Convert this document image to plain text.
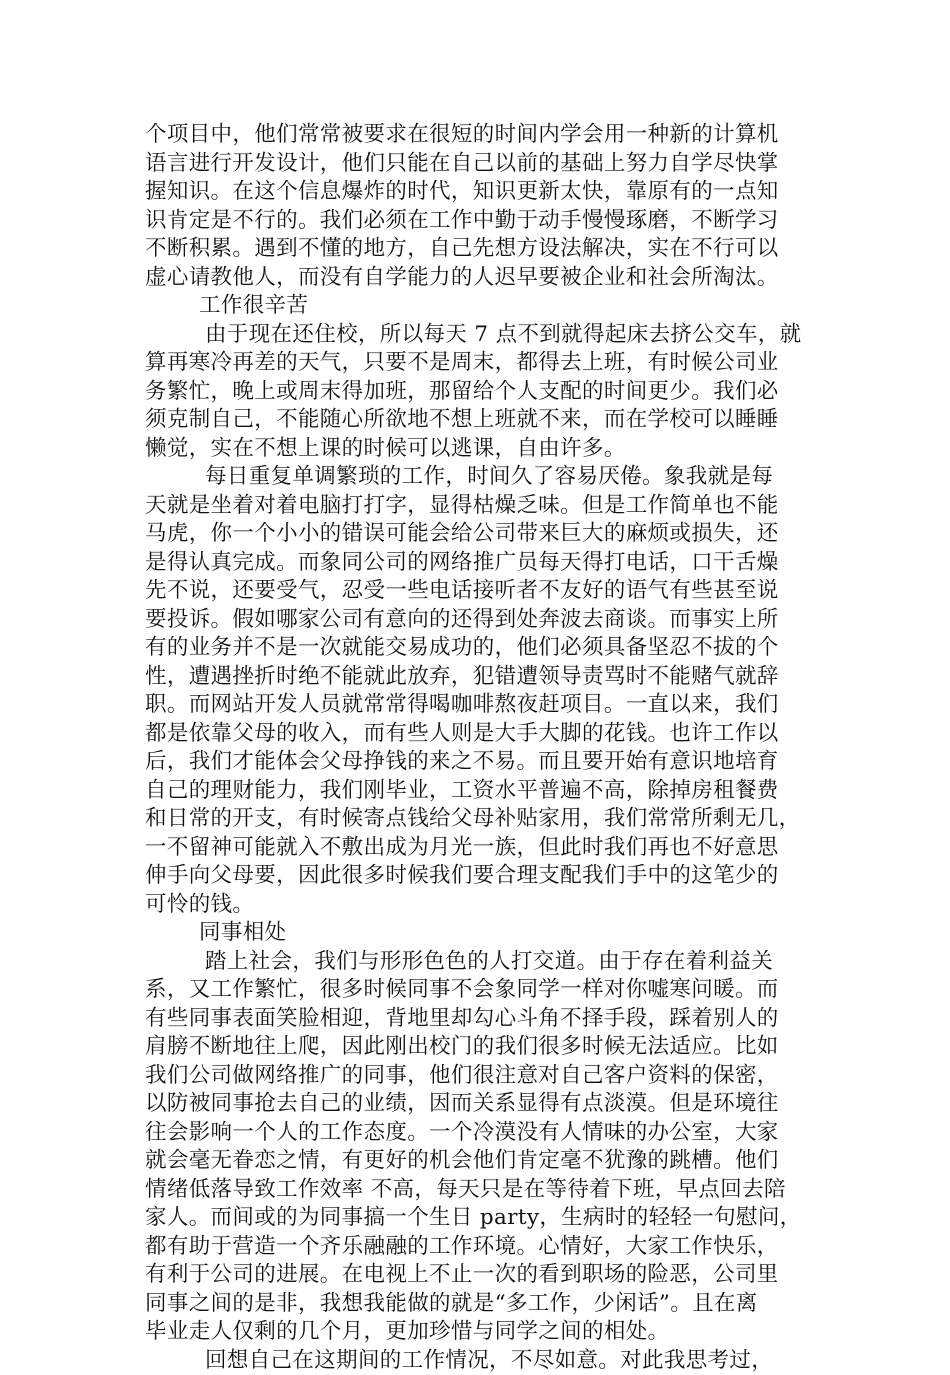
个项目中，他们常常被要求在很短的时间内学会用一种新的计算机
语言进行开发设计，他们只能在自己以前的基础上努力自学尽快掌
握知识。在这个信息爆炸的时代，知识更新太快，靠原有的一点知
识肯定是不行的。我们必须在工作中勤于动手慢慢琢磨，不断学习
不断积累。遇到不懂的地方，自己先想方设法解决，实在不行可以
虚心请教他人，而没有自学能力的人迟早要被企业和社会所淘汰。
工作很辛苦
由于现在还住校，所以每天 7 点不到就得起床去挤公交车，就
算再寒冷再差的天气，只要不是周末，都得去上班，有时候公司业
务繁忙，晚上或周末得加班，那留给个人支配的时间更少。我们必
须克制自己，不能随心所欲地不想上班就不来，而在学校可以睡睡
懒觉，实在不想上课的时候可以逃课，自由许多。
每日重复单调繁琐的工作，时间久了容易厌倦。象我就是每
天就是坐着对着电脑打打字，显得枯燥乏味。但是工作简单也不能
马虎，你一个小小的错误可能会给公司带来巨大的麻烦或损失，还
是得认真完成。而象同公司的网络推广员每天得打电话，口干舌燥
先不说，还要受气，忍受一些电话接听者不友好的语气有些甚至说
要投诉。假如哪家公司有意向的还得到处奔波去商谈。而事实上所
有的业务并不是一次就能交易成功的，他们必须具备坚忍不拔的个
性，遭遇挫折时绝不能就此放弃，犯错遭领导责骂时不能赌气就辞
职。而网站开发人员就常常得喝咖啡熬夜赶项目。一直以来，我们
都是依靠父母的收入，而有些人则是大手大脚的花钱。也许工作以
后，我们才能体会父母挣钱的来之不易。而且要开始有意识地培育
自己的理财能力，我们刚毕业，工资水平普遍不高，除掉房租餐费
和日常的开支，有时候寄点钱给父母补贴家用，我们常常所剩无几，
一不留神可能就入不敷出成为月光一族，但此时我们再也不好意思
伸手向父母要，因此很多时候我们要合理支配我们手中的这笔少的
可怜的钱。
同事相处
踏上社会，我们与形形色色的人打交道。由于存在着利益关
系，又工作繁忙，很多时候同事不会象同学一样对你嘘寒问暖。而
有些同事表面笑脸相迎，背地里却勾心斗角不择手段，踩着别人的
肩膀不断地往上爬，因此刚出校门的我们很多时候无法适应。比如
我们公司做网络推广的同事，他们很注意对自己客户资料的保密，
以防被同事抢去自己的业绩，因而关系显得有点淡漠。但是环境往
往会影响一个人的工作态度。一个冷漠没有人情味的办公室，大家
就会毫无眷恋之情，有更好的机会他们肯定毫不犹豫的跳槽。他们
情绪低落导致工作效率 不高，每天只是在等待着下班，早点回去陪
家人。而间或的为同事搞一个生日 party，生病时的轻轻一句慰问，
都有助于营造一个齐乐融融的工作环境。心情好，大家工作快乐，
有利于公司的进展。在电视上不止一次的看到职场的险恶，公司里
同事之间的是非，我想我能做的就是“多工作，少闲话”。且在离
毕业走人仅剩的几个月，更加珍惜与同学之间的相处。
回想自己在这期间的工作情况，不尽如意。对此我思考过，
